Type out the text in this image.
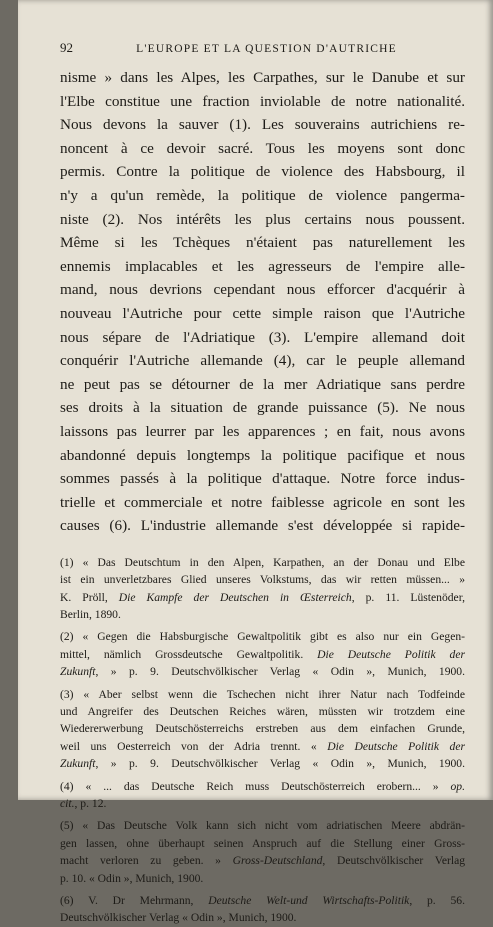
92	L'EUROPE ET LA QUESTION D'AUTRICHE
nisme » dans les Alpes, les Carpathes, sur le Danube et sur
l'Elbe constitue une fraction inviolable de notre nationalité.
Nous devons la sauver (1). Les souverains autrichiens re-
noncent à ce devoir sacré. Tous les moyens sont donc
permis. Contre la politique de violence des Habsbourg, il
n'y a qu'un remède, la politique de violence pangerma-
niste (2). Nos intérêts les plus certains nous poussent.
Même si les Tchèques n'étaient pas naturellement les
ennemis implacables et les agresseurs de l'empire alle-
mand, nous devrions cependant nous efforcer d'acquérir à
nouveau l'Autriche pour cette simple raison que l'Autriche
nous sépare de l'Adriatique (3). L'empire allemand doit
conquérir l'Autriche allemande (4), car le peuple allemand
ne peut pas se détourner de la mer Adriatique sans perdre
ses droits à la situation de grande puissance (5). Ne nous
laissons pas leurrer par les apparences ; en fait, nous avons
abandonné depuis longtemps la politique pacifique et nous
sommes passés à la politique d'attaque. Notre force indus-
trielle et commerciale et notre faiblesse agricole en sont les
causes (6). L'industrie allemande s'est développée si rapide-
(1) « Das Deutschtum in den Alpen, Karpathen, an der Donau und Elbe
ist ein unverletzbares Glied unseres Volkstums, das wir retten müssen... »
K. Pröll, Die Kampfe der Deutschen in Œsterreich, p. 11. Lüstenöder,
Berlin, 1890.
(2) « Gegen die Habsburgische Gewaltpolitik gibt es also nur ein Gegen-
mittel, nämlich Grossdeutsche Gewaltpolitik. Die Deutsche Politik der
Zukunft, » p. 9. Deutschvölkischer Verlag « Odin », Munich, 1900.
(3) « Aber selbst wenn die Tschechen nicht ihrer Natur nach Todfeinde
und Angreifer des Deutschen Reiches wären, müssten wir trotzdem eine
Wiedererwerbung Deutschösterreichs erstreben aus dem einfachen Grunde,
weil uns Oesterreich von der Adria trennt. « Die Deutsche Politik der
Zukunft, » p. 9. Deutschvölkischer Verlag « Odin », Munich, 1900.
(4) « ... das Deutsche Reich muss Deutschösterreich erobern... » op.
cit., p. 12.
(5) « Das Deutsche Volk kann sich nicht vom adriatischen Meere abdrän-
gen lassen, ohne überhaupt seinen Anspruch auf die Stellung einer Gross-
macht verloren zu geben. » Gross-Deutschland, Deutschvölkischer Verlag
p. 10. « Odin », Munich, 1900.
(6) V. Dr Mehrmann, Deutsche Welt-und Wirtschafts-Politik, p. 56.
Deutschvölkischer Verlag « Odin », Munich, 1900.
